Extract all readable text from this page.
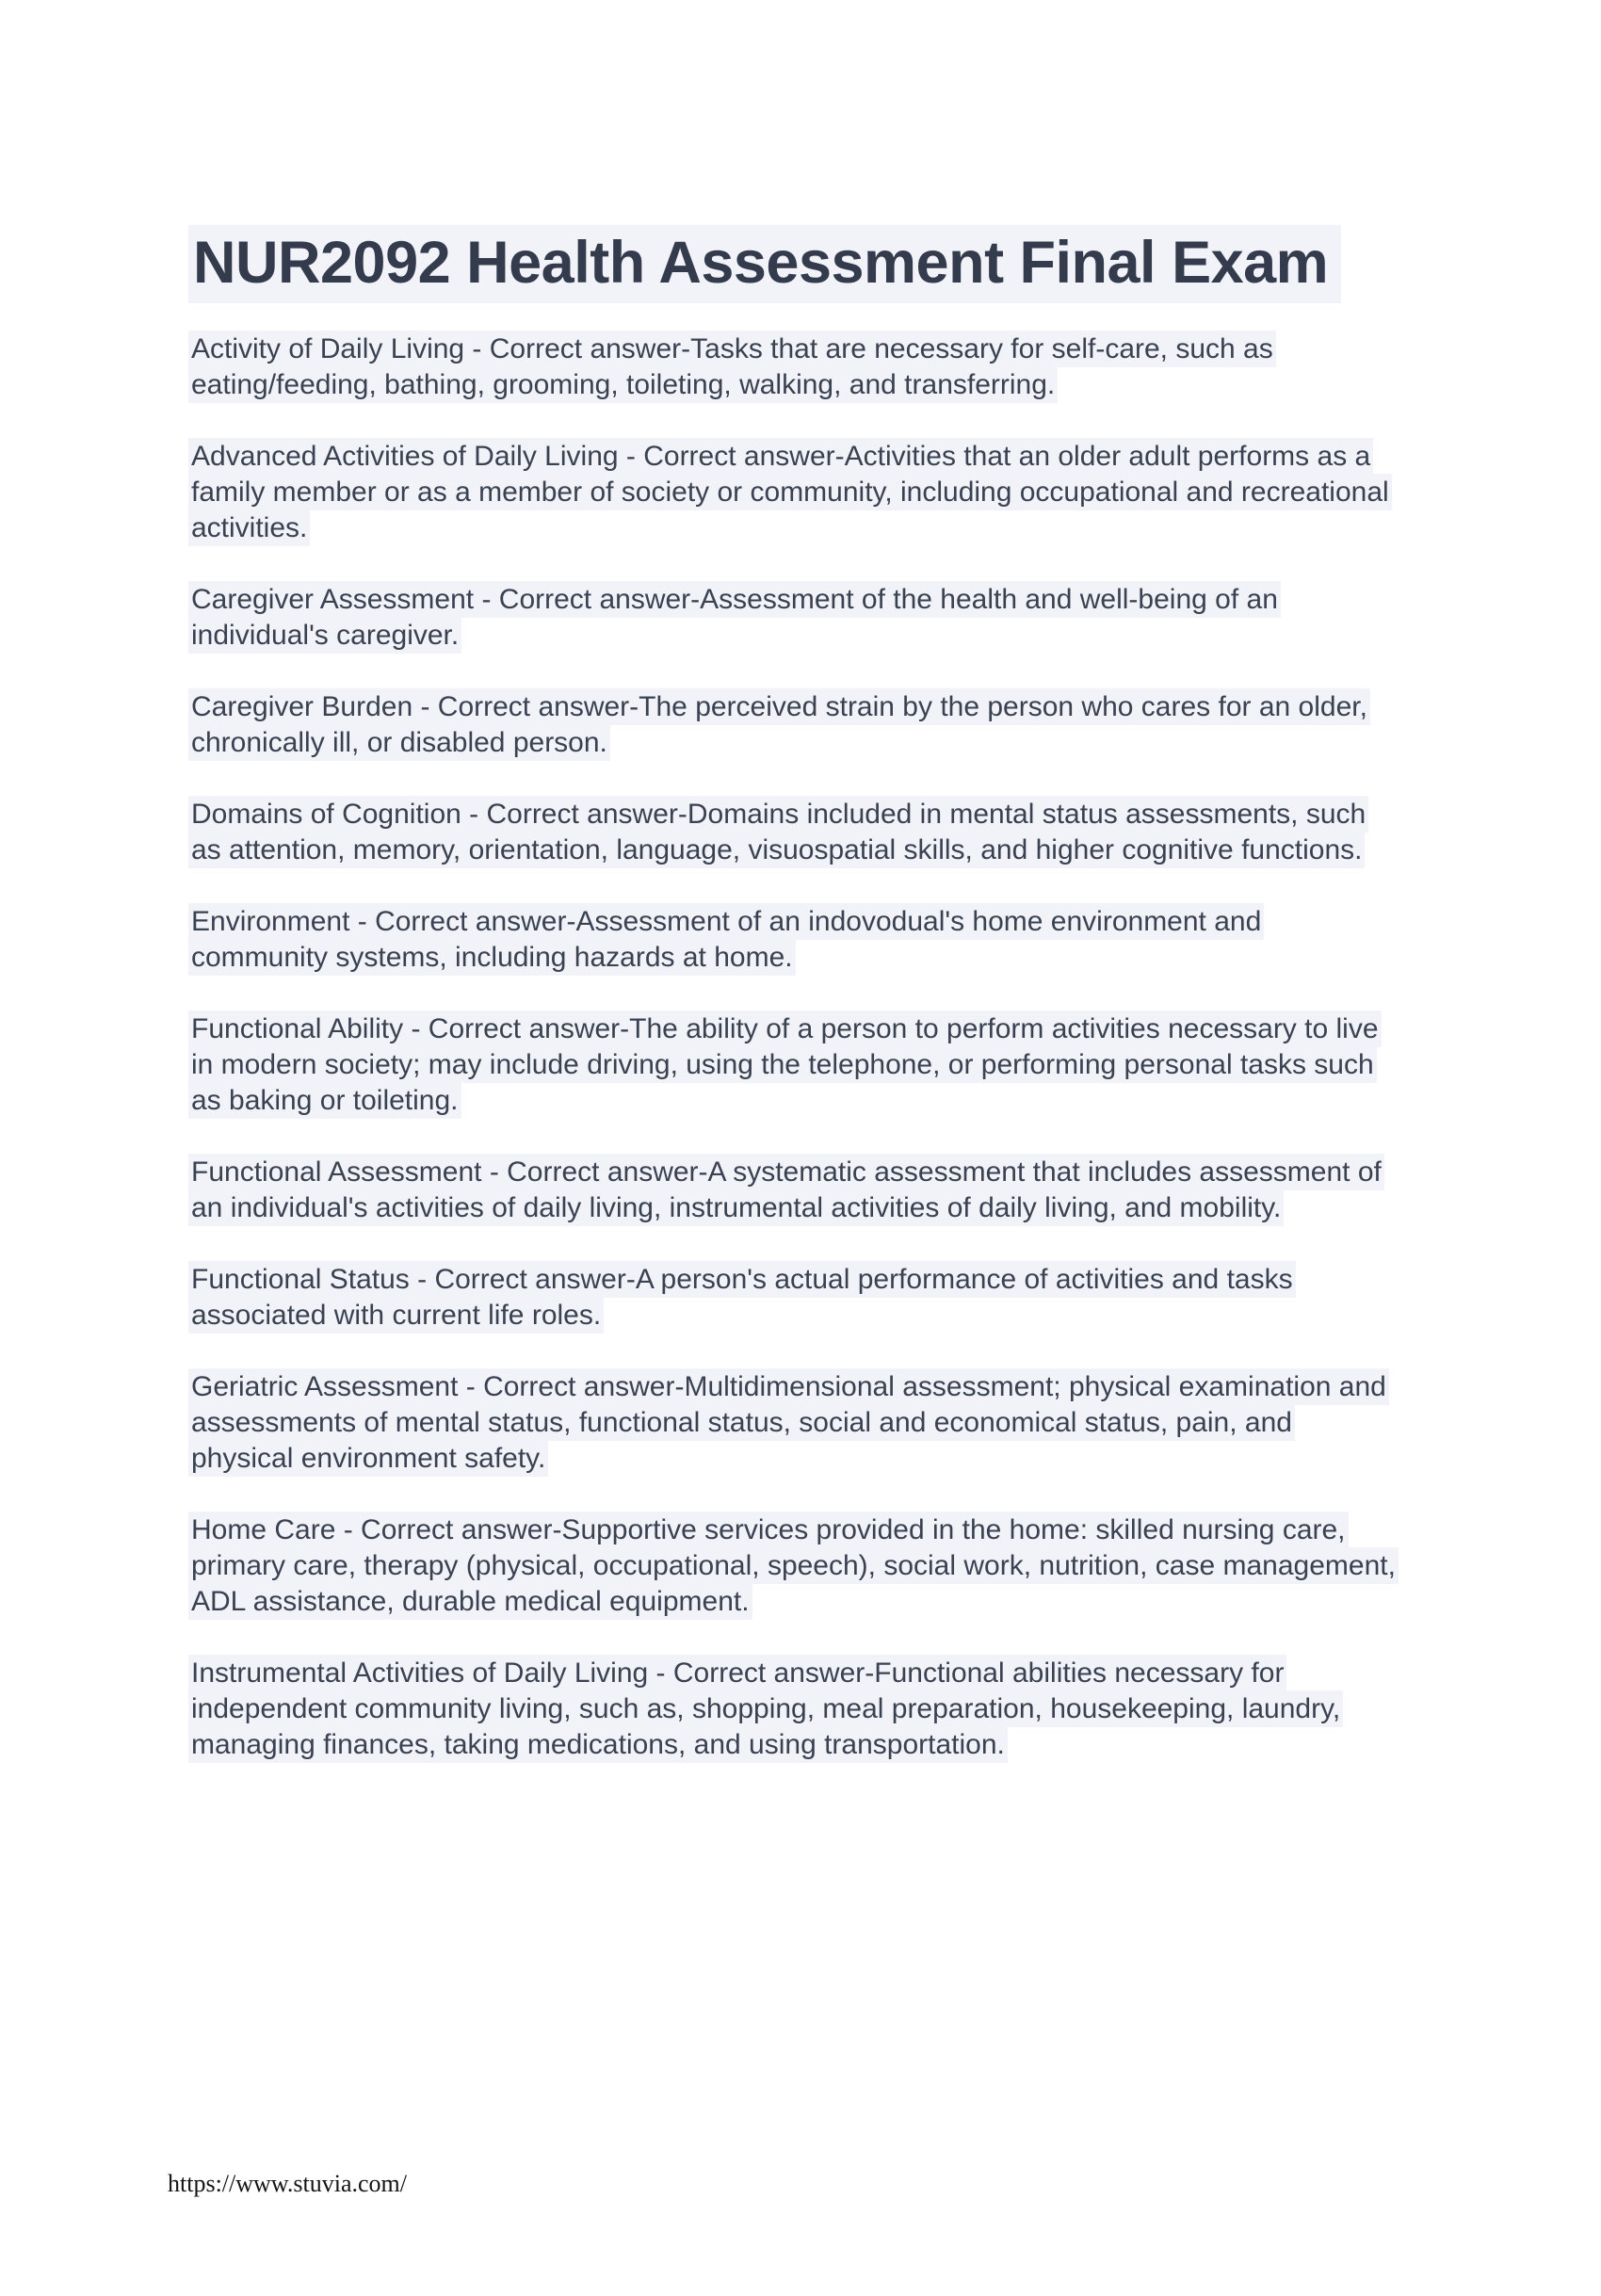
NUR2092 Health Assessment Final Exam

Activity of Daily Living - Correct answer-Tasks that are necessary for self-care, such as eating/feeding, bathing, grooming, toileting, walking, and transferring.

Advanced Activities of Daily Living - Correct answer-Activities that an older adult performs as a family member or as a member of society or community, including occupational and recreational activities.

Caregiver Assessment - Correct answer-Assessment of the health and well-being of an individual's caregiver.

Caregiver Burden - Correct answer-The perceived strain by the person who cares for an older, chronically ill, or disabled person.

Domains of Cognition - Correct answer-Domains included in mental status assessments, such as attention, memory, orientation, language, visuospatial skills, and higher cognitive functions.

Environment - Correct answer-Assessment of an indovodual's home environment and community systems, including hazards at home.

Functional Ability - Correct answer-The ability of a person to perform activities necessary to live in modern society; may include driving, using the telephone, or performing personal tasks such as baking or toileting.

Functional Assessment - Correct answer-A systematic assessment that includes assessment of an individual's activities of daily living, instrumental activities of daily living, and mobility.

Functional Status - Correct answer-A person's actual performance of activities and tasks associated with current life roles.

Geriatric Assessment - Correct answer-Multidimensional assessment; physical examination and assessments of mental status, functional status, social and economical status, pain, and physical environment safety.

Home Care - Correct answer-Supportive services provided in the home: skilled nursing care, primary care, therapy (physical, occupational, speech), social work, nutrition, case management, ADL assistance, durable medical equipment.

Instrumental Activities of Daily Living - Correct answer-Functional abilities necessary for independent community living, such as, shopping, meal preparation, housekeeping, laundry, managing finances, taking medications, and using transportation.

https://www.stuvia.com/
